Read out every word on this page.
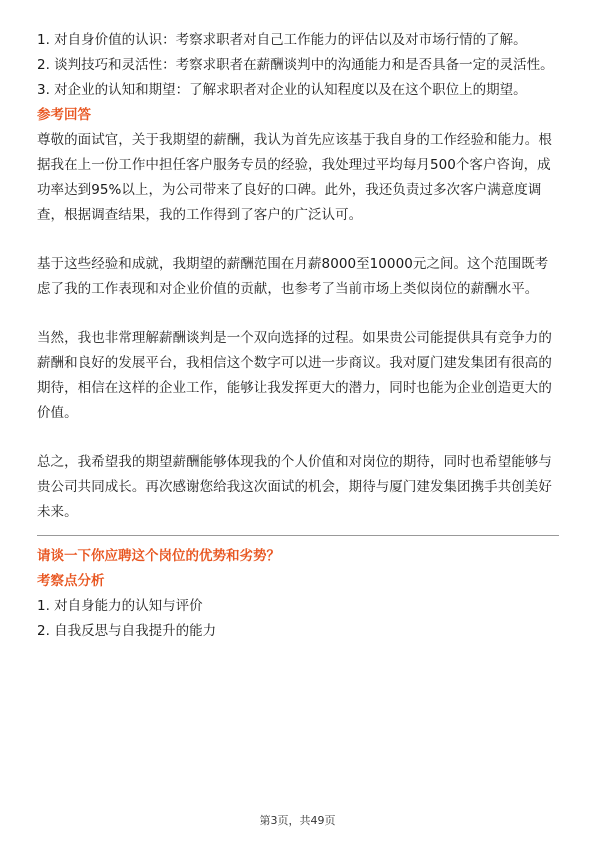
1. 对自身价值的认识：考察求职者对自己工作能力的评估以及对市场行情的了解。

2. 谈判技巧和灵活性：考察求职者在薪酬谈判中的沟通能力和是否具备一定的灵活性。

3. 对企业的认知和期望：了解求职者对企业的认知程度以及在这个职位上的期望。

参考回答

尊敬的面试官，关于我期望的薪酬，我认为首先应该基于我自身的工作经验和能力。根据我在上一份工作中担任客户服务专员的经验，我处理过平均每月500个客户咨询，成功率达到95%以上，为公司带来了良好的口碑。此外，我还负责过多次客户满意度调查，根据调查结果，我的工作得到了客户的广泛认可。

基于这些经验和成就，我期望的薪酬范围在月薪8000至10000元之间。这个范围既考虑了我的工作表现和对企业价值的贡献，也参考了当前市场上类似岗位的薪酬水平。

当然，我也非常理解薪酬谈判是一个双向选择的过程。如果贵公司能提供具有竞争力的薪酬和良好的发展平台，我相信这个数字可以进一步商议。我对厦门建发集团有很高的期待，相信在这样的企业工作，能够让我发挥更大的潜力，同时也能为企业创造更大的价值。

总之，我希望我的期望薪酬能够体现我的个人价值和对岗位的期待，同时也希望能够与贵公司共同成长。再次感谢您给我这次面试的机会，期待与厦门建发集团携手共创美好未来。

请谈一下你应聘这个岗位的优势和劣势？

考察点分析

1. 对自身能力的认知与评价

2. 自我反思与自我提升的能力

第3页，共49页
